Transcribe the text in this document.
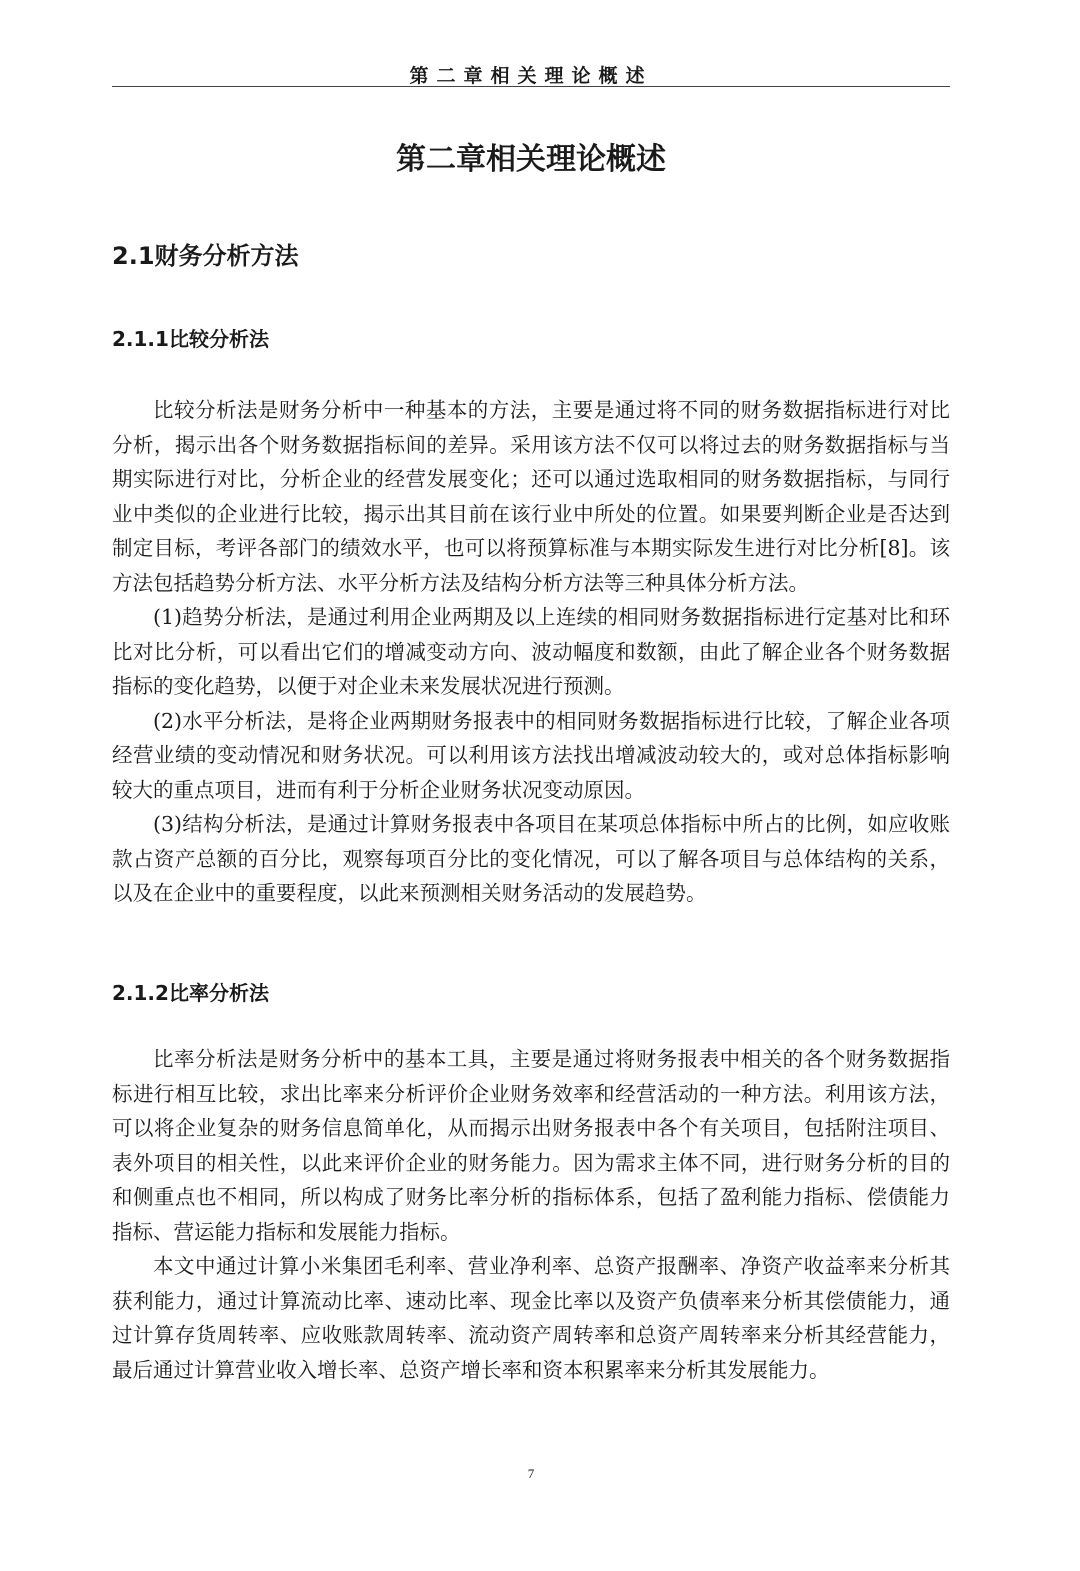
第二章相关理论概述
第二章相关理论概述
2.1财务分析方法
2.1.1比较分析法

比较分析法是财务分析中一种基本的方法，主要是通过将不同的财务数据指标进行对比分析，揭示出各个财务数据指标间的差异。采用该方法不仅可以将过去的财务数据指标与当期实际进行对比，分析企业的经营发展变化；还可以通过选取相同的财务数据指标，与同行业中类似的企业进行比较，揭示出其目前在该行业中所处的位置。如果要判断企业是否达到制定目标，考评各部门的绩效水平，也可以将预算标准与本期实际发生进行对比分析[8]。该方法包括趋势分析方法、水平分析方法及结构分析方法等三种具体分析方法。

(1)趋势分析法，是通过利用企业两期及以上连续的相同财务数据指标进行定基对比和环比对比分析，可以看出它们的增减变动方向、波动幅度和数额，由此了解企业各个财务数据指标的变化趋势，以便于对企业未来发展状况进行预测。

(2)水平分析法，是将企业两期财务报表中的相同财务数据指标进行比较，了解企业各项经营业绩的变动情况和财务状况。可以利用该方法找出增减波动较大的，或对总体指标影响较大的重点项目，进而有利于分析企业财务状况变动原因。

(3)结构分析法，是通过计算财务报表中各项目在某项总体指标中所占的比例，如应收账款占资产总额的百分比，观察每项百分比的变化情况，可以了解各项目与总体结构的关系，以及在企业中的重要程度，以此来预测相关财务活动的发展趋势。

2.1.2比率分析法

比率分析法是财务分析中的基本工具，主要是通过将财务报表中相关的各个财务数据指标进行相互比较，求出比率来分析评价企业财务效率和经营活动的一种方法。利用该方法，可以将企业复杂的财务信息简单化，从而揭示出财务报表中各个有关项目，包括附注项目、表外项目的相关性，以此来评价企业的财务能力。因为需求主体不同，进行财务分析的目的和侧重点也不相同，所以构成了财务比率分析的指标体系，包括了盈利能力指标、偿债能力指标、营运能力指标和发展能力指标。

本文中通过计算小米集团毛利率、营业净利率、总资产报酬率、净资产收益率来分析其获利能力，通过计算流动比率、速动比率、现金比率以及资产负债率来分析其偿债能力，通过计算存货周转率、应收账款周转率、流动资产周转率和总资产周转率来分析其经营能力，最后通过计算营业收入增长率、总资产增长率和资本积累率来分析其发展能力。

7
